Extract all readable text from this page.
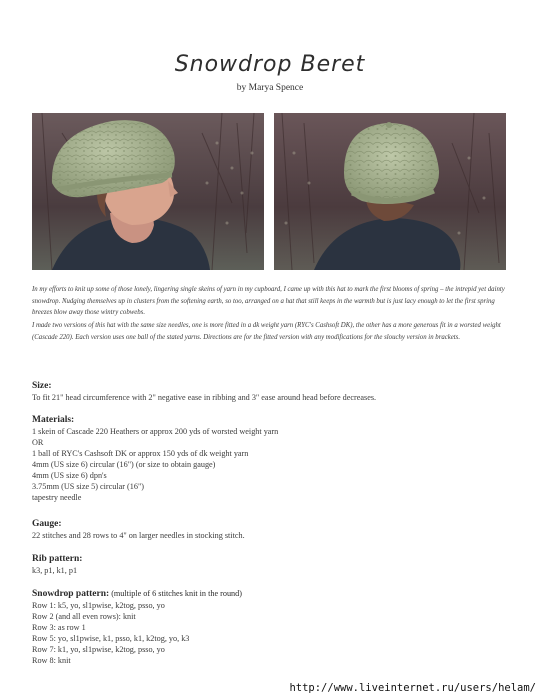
Snowdrop Beret
by Marya Spence

In my efforts to knit up some of those lonely, lingering single skeins of yarn in my cupboard, I came up with this hat to mark the first blooms of spring – the intrepid yet dainty snowdrop. Nudging themselves up in clusters from the softening earth, so too, arranged on a hat that still keeps in the warmth but is just lacy enough to let the first spring breezes blow away those wintry cobwebs.

I made two versions of this hat with the same size needles, one is more fitted in a dk weight yarn (RYC's Cashsoft DK), the other has a more generous fit in a worsted weight (Cascade 220). Each version uses one ball of the stated yarns. Directions are for the fitted version with any modifications for the slouchy version in brackets.

Size:
To fit 21" head circumference with 2" negative ease in ribbing and 3" ease around head before decreases.
Materials:
1 skein of Cascade 220 Heathers or approx 200 yds of worsted weight yarn
OR
1 ball of RYC's Cashsoft DK or approx 150 yds of dk weight yarn
4mm (US size 6) circular (16") (or size to obtain gauge)
4mm (US size 6) dpn's
3.75mm (US size 5) circular (16")
tapestry needle
Gauge:
22 stitches and 28 rows to 4" on larger needles in stocking stitch.
Rib pattern:
k3, p1, k1, p1
Snowdrop pattern: (multiple of 6 stitches knit in the round)
Row 1: k5, yo, sl1pwise, k2tog, psso, yo
Row 2 (and all even rows): knit
Row 3: as row 1
Row 5: yo, sl1pwise, k1, psso, k1, k2tog, yo, k3
Row 7: k1, yo, sl1pwise, k2tog, psso, yo
Row 8: knit
http://www.liveinternet.ru/users/helam/
